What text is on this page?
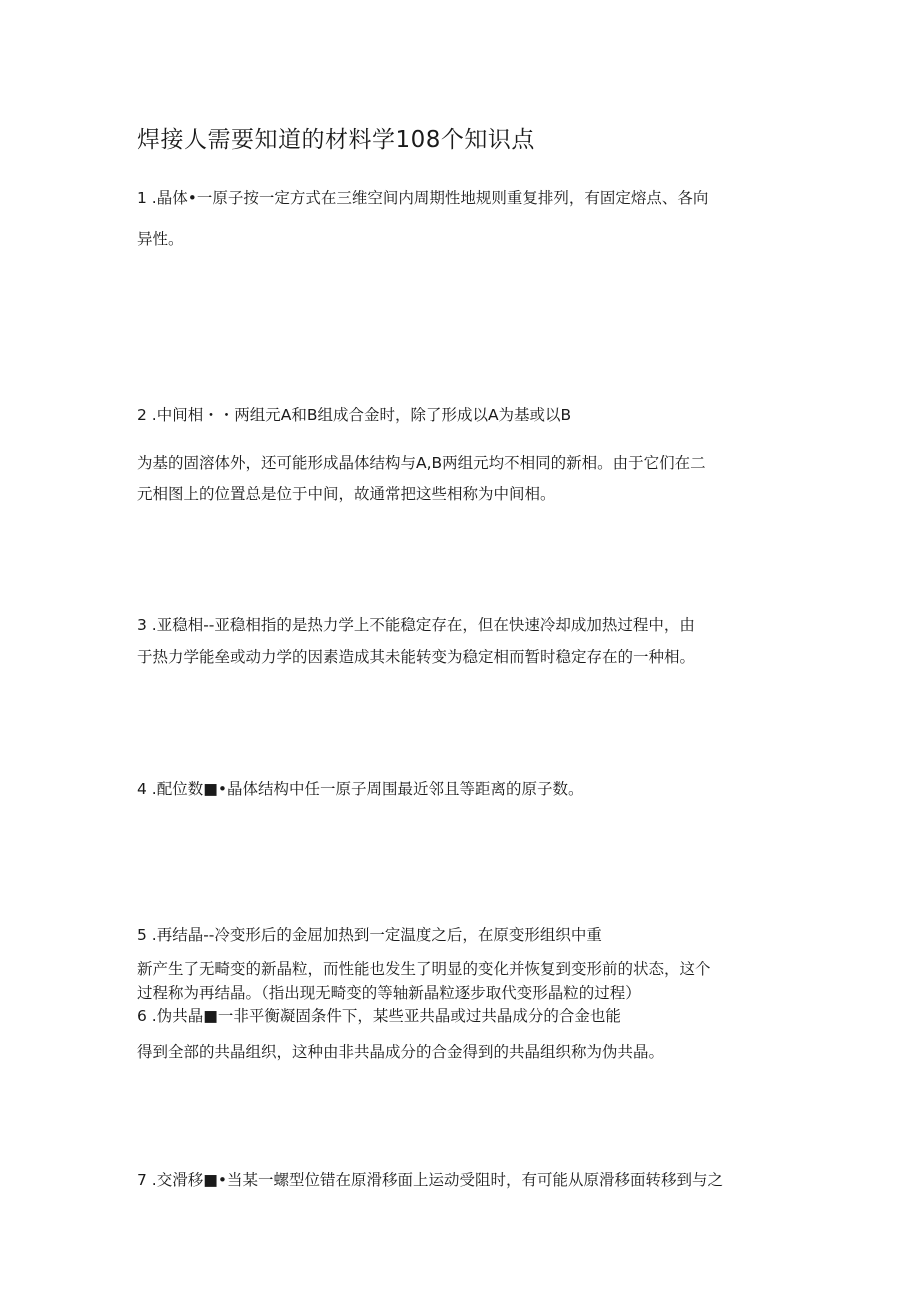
焊接人需要知道的材料学108个知识点
1 .晶体•一原子按一定方式在三维空间内周期性地规则重复排列，有固定熔点、各向
异性。
2 .中间相・・两组元A和B组成合金时，除了形成以A为基或以B
为基的固溶体外，还可能形成晶体结构与A,B两组元均不相同的新相。由于它们在二
元相图上的位置总是位于中间，故通常把这些相称为中间相。
3 .亚稳相--亚稳相指的是热力学上不能稳定存在，但在快速冷却成加热过程中，由
于热力学能垒或动力学的因素造成其未能转变为稳定相而暂时稳定存在的一种相。
4 .配位数■•晶体结构中任一原子周围最近邻且等距离的原子数。
5 .再结晶--冷变形后的金屈加热到一定温度之后，在原变形组织中重
新产生了无畸变的新晶粒，而性能也发生了明显的变化并恢复到变形前的状态，这个
过程称为再结晶。（指出现无畸变的等轴新晶粒逐步取代变形晶粒的过程）
6 .伪共晶■一非平衡凝固条件下，某些亚共晶或过共晶成分的合金也能
得到全部的共晶组织，这种由非共晶成分的合金得到的共晶组织称为伪共晶。
7 .交滑移■•当某一螺型位错在原滑移面上运动受阻时，有可能从原滑移面转移到与之
